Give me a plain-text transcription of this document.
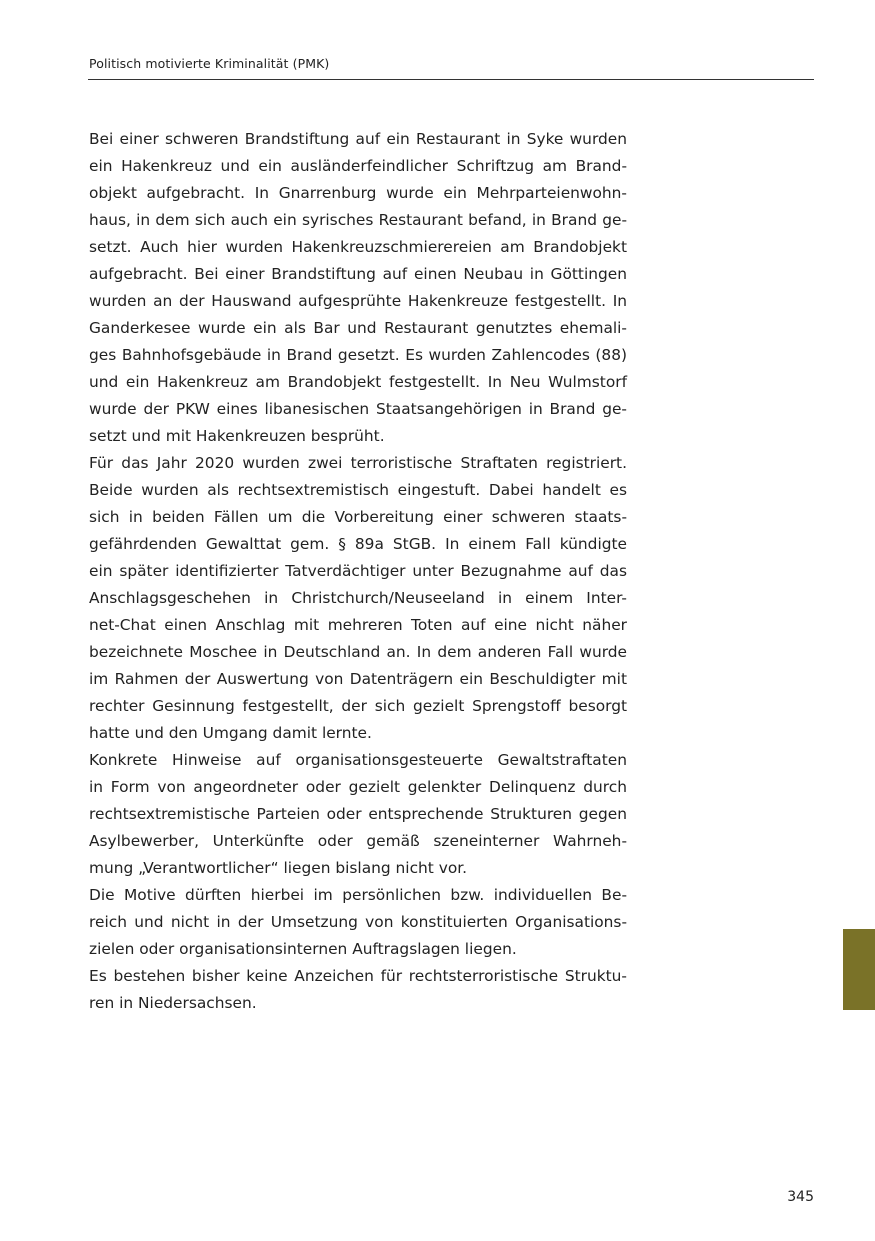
Politisch motivierte Kriminalität (PMK)
Bei einer schweren Brandstiftung auf ein Restaurant in Syke wurden
ein Hakenkreuz und ein ausländerfeindlicher Schriftzug am Brand-
objekt aufgebracht. In Gnarrenburg wurde ein Mehrparteienwohn-
haus, in dem sich auch ein syrisches Restaurant befand, in Brand ge-
setzt. Auch hier wurden Hakenkreuzschmierereien am Brandobjekt
aufgebracht. Bei einer Brandstiftung auf einen Neubau in Göttingen
wurden an der Hauswand aufgesprühte Hakenkreuze festgestellt. In
Ganderkesee wurde ein als Bar und Restaurant genutztes ehemali-
ges Bahnhofsgebäude in Brand gesetzt. Es wurden Zahlencodes (88)
und ein Hakenkreuz am Brandobjekt festgestellt. In Neu Wulmstorf
wurde der PKW eines libanesischen Staatsangehörigen in Brand ge-
setzt und mit Hakenkreuzen besprüht.
Für das Jahr 2020 wurden zwei terroristische Straftaten registriert.
Beide wurden als rechtsextremistisch eingestuft. Dabei handelt es
sich in beiden Fällen um die Vorbereitung einer schweren staats-
gefährdenden Gewalttat gem. § 89a StGB. In einem Fall kündigte
ein später identifizierter Tatverdächtiger unter Bezugnahme auf das
Anschlagsgeschehen in Christchurch/Neuseeland in einem Inter-
net-Chat einen Anschlag mit mehreren Toten auf eine nicht näher
bezeichnete Moschee in Deutschland an. In dem anderen Fall wurde
im Rahmen der Auswertung von Datenträgern ein Beschuldigter mit
rechter Gesinnung festgestellt, der sich gezielt Sprengstoff besorgt
hatte und den Umgang damit lernte.
Konkrete Hinweise auf organisationsgesteuerte Gewaltstraftaten
in Form von angeordneter oder gezielt gelenkter Delinquenz durch
rechtsextremistische Parteien oder entsprechende Strukturen gegen
Asylbewerber, Unterkünfte oder gemäß szeneinterner Wahrneh-
mung „Verantwortlicher“ liegen bislang nicht vor.
Die Motive dürften hierbei im persönlichen bzw. individuellen Be-
reich und nicht in der Umsetzung von konstituierten Organisations-
zielen oder organisationsinternen Auftragslagen liegen.
Es bestehen bisher keine Anzeichen für rechtsterroristische Struktu-
ren in Niedersachsen.
345
